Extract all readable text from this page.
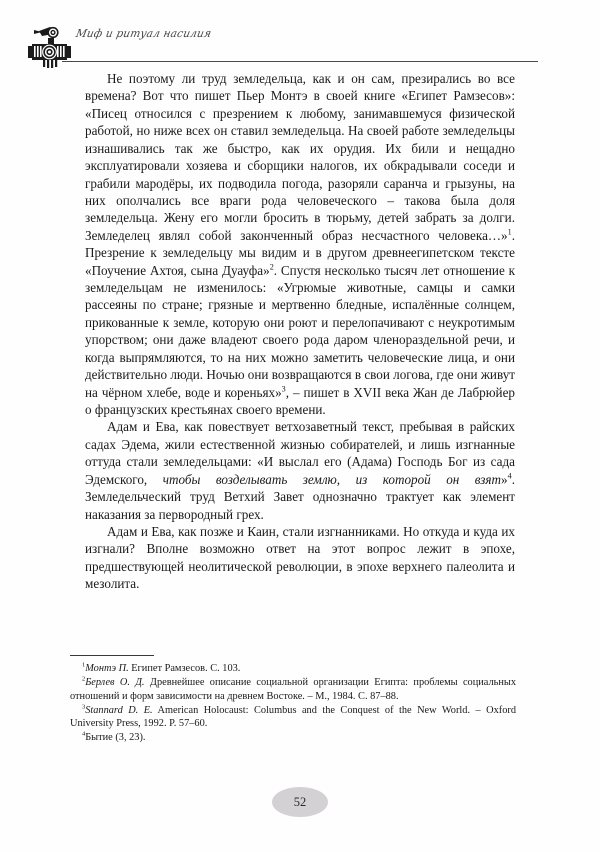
Миф и ритуал насилия

Не поэтому ли труд земледельца, как и он сам, презирались во все времена? Вот что пишет Пьер Монтэ в своей книге «Египет Рамзесов»: «Писец относился с презрением к любому, занимавшемуся физической работой, но ниже всех он ставил земледельца. На своей работе земледельцы изнашивались так же быстро, как их орудия. Их били и нещадно эксплуатировали хозяева и сборщики налогов, их обкрадывали соседи и грабили мародёры, их подводила погода, разоряли саранча и грызуны, на них ополчались все враги рода человеческого – такова была доля земледельца. Жену его могли бросить в тюрьму, детей забрать за долги. Земледелец являл собой законченный образ несчастного человека…»$^1$. Презрение к земледельцу мы видим и в другом древнеегипетском тексте «Поучение Ахтоя, сына Дуауфа»$^2$. Спустя несколько тысяч лет отношение к земледельцам не изменилось: «Угрюмые животные, самцы и самки рассеяны по стране; грязные и мертвенно бледные, испалённые солнцем, прикованные к земле, которую они роют и перелопачивают с неукротимым упорством; они даже владеют своего рода даром членораздельной речи, и когда выпрямляются, то на них можно заметить человеческие лица, и они действительно люди. Ночью они возвращаются в свои логова, где они живут на чёрном хлебе, воде и кореньях»$^3$, – пишет в XVII века Жан де Лабрюйер о французских крестьянах своего времени.

Адам и Ева, как повествует ветхозаветный текст, пребывая в райских садах Эдема, жили естественной жизнью собирателей, и лишь изгнанные оттуда стали земледельцами: «И выслал его (Адама) Господь Бог из сада Эдемского, чтобы возделывать землю, из которой он взят»$^4$. Земледельческий труд Ветхий Завет однозначно трактует как элемент наказания за первородный грех.

Адам и Ева, как позже и Каин, стали изгнанниками. Но откуда и куда их изгнали? Вполне возможно ответ на этот вопрос лежит в эпохе, предшествующей неолитической революции, в эпохе верхнего палеолита и мезолита.

$^1$Монтэ П. Египет Рамзесов. С. 103.

$^2$Берлев О. Д. Древнейшее описание социальной организации Египта: проблемы социальных отношений и форм зависимости на древнем Востоке. – М., 1984. С. 87–88.

$^3$Stannard D. E. American Holocaust: Columbus and the Conquest of the New World. – Oxford University Press, 1992. P. 57–60.

$^4$Бытие (3, 23).

52
